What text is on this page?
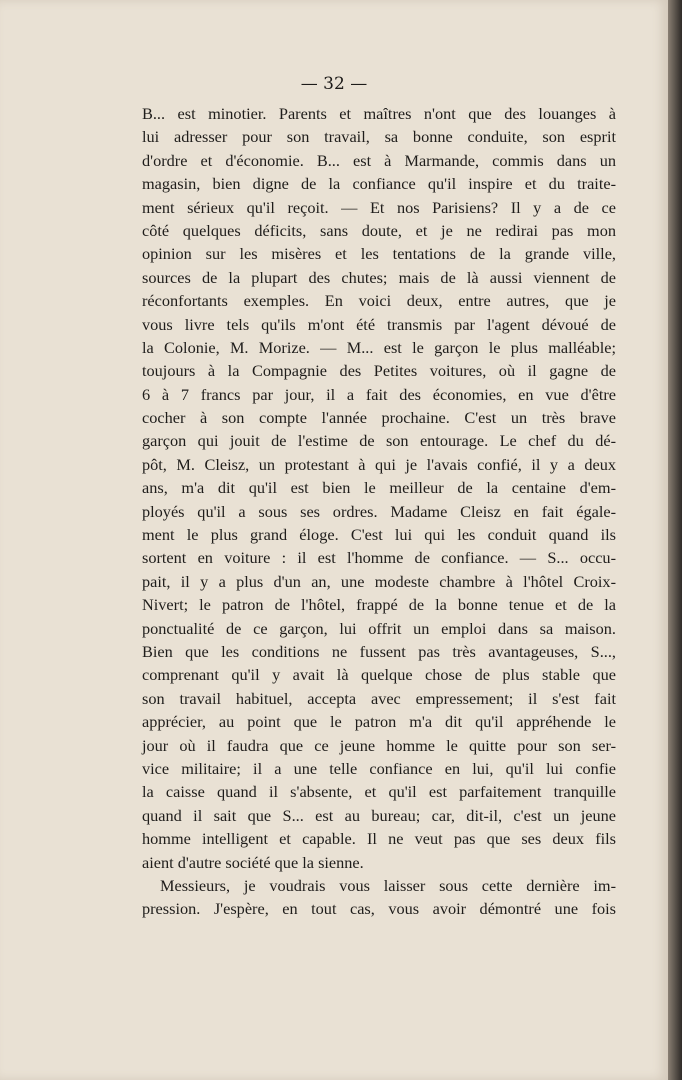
— 32 —
B... est minotier. Parents et maîtres n'ont que des louanges à
lui adresser pour son travail, sa bonne conduite, son esprit
d'ordre et d'économie. B... est à Marmande, commis dans un
magasin, bien digne de la confiance qu'il inspire et du traite-
ment sérieux qu'il reçoit. — Et nos Parisiens? Il y a de ce
côté quelques déficits, sans doute, et je ne redirai pas mon
opinion sur les misères et les tentations de la grande ville,
sources de la plupart des chutes; mais de là aussi viennent de
réconfortants exemples. En voici deux, entre autres, que je
vous livre tels qu'ils m'ont été transmis par l'agent dévoué de
la Colonie, M. Morize. — M... est le garçon le plus malléable;
toujours à la Compagnie des Petites voitures, où il gagne de
6 à 7 francs par jour, il a fait des économies, en vue d'être
cocher à son compte l'année prochaine. C'est un très brave
garçon qui jouit de l'estime de son entourage. Le chef du dé-
pôt, M. Cleisz, un protestant à qui je l'avais confié, il y a deux
ans, m'a dit qu'il est bien le meilleur de la centaine d'em-
ployés qu'il a sous ses ordres. Madame Cleisz en fait égale-
ment le plus grand éloge. C'est lui qui les conduit quand ils
sortent en voiture : il est l'homme de confiance. — S... occu-
pait, il y a plus d'un an, une modeste chambre à l'hôtel Croix-
Nivert; le patron de l'hôtel, frappé de la bonne tenue et de la
ponctualité de ce garçon, lui offrit un emploi dans sa maison.
Bien que les conditions ne fussent pas très avantageuses, S...,
comprenant qu'il y avait là quelque chose de plus stable que
son travail habituel, accepta avec empressement; il s'est fait
apprécier, au point que le patron m'a dit qu'il appréhende le
jour où il faudra que ce jeune homme le quitte pour son ser-
vice militaire; il a une telle confiance en lui, qu'il lui confie
la caisse quand il s'absente, et qu'il est parfaitement tranquille
quand il sait que S... est au bureau; car, dit-il, c'est un jeune
homme intelligent et capable. Il ne veut pas que ses deux fils
aient d'autre société que la sienne.
Messieurs, je voudrais vous laisser sous cette dernière im-
pression. J'espère, en tout cas, vous avoir démontré une fois
